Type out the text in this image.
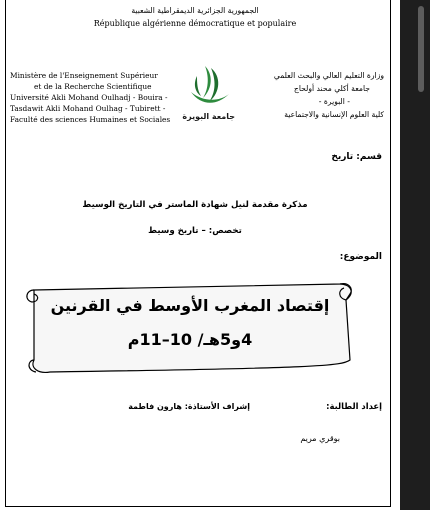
الجمهورية الجزائرية الديمقراطية الشعبية
République algérienne démocratique et populaire
Ministère de l'Enseignement Supérieur
et de la Recherche Scientifique
Université Akli Mohand Oulhadj - Bouira -
Tasdawit Akli Mohand Oulhag - Tubirett -
Faculté des sciences Humaines et Sociales
وزارة التعليم العالي والبحث العلمي
جامعة أكلي محند أولحاج
- البويرة -
كلية العلوم الإنسانية والاجتماعية
جامعة البويرة
قسم: تاريخ
مذكرة مقدمة لنيل شهادة الماستر في التاريخ الوسيط
تخصص: – تاريخ وسيط
الموضوع:
إقتصاد المغرب الأوسط في القرنين
4و5هـ/ 10–11م
إعداد الطالبة:
إشراف الأستاذة: هارون فاطمة
بوقري مريم
